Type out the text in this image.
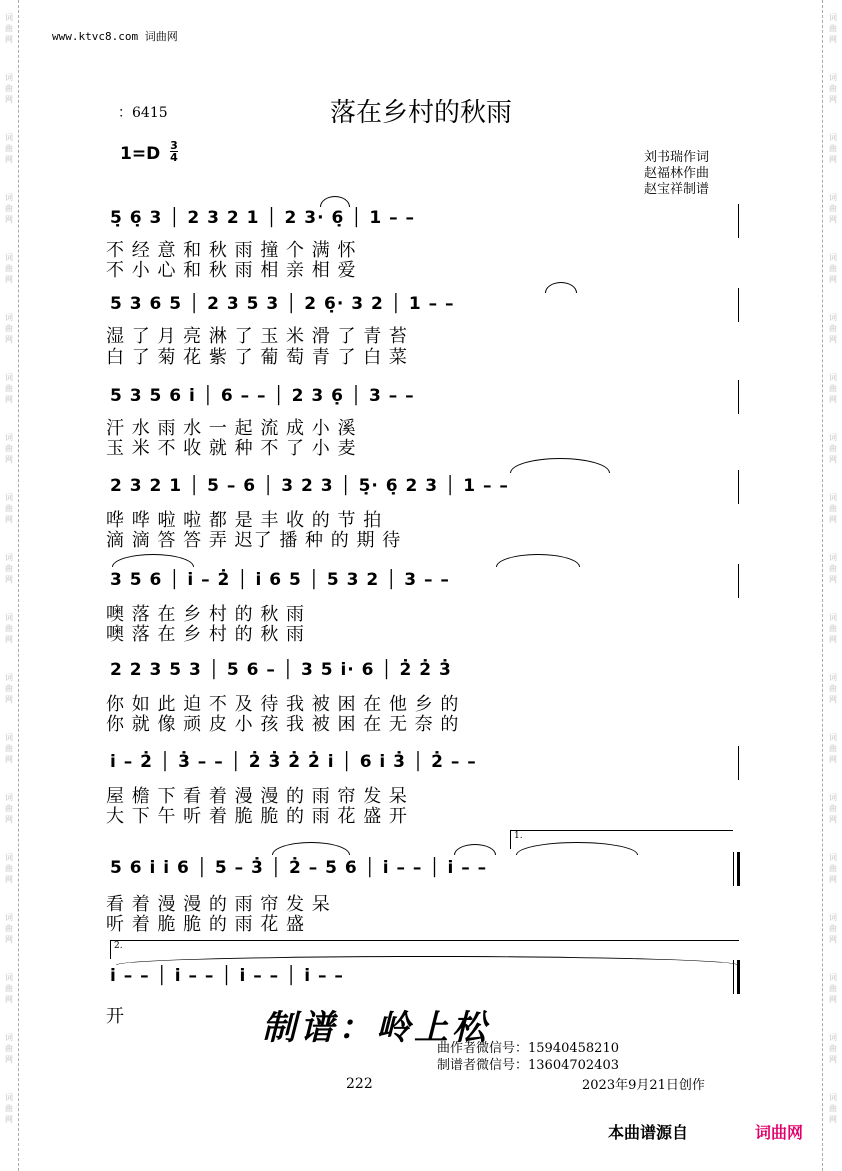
词
曲
网
词
曲
网
词
曲
网
词
曲
网
词
曲
网
词
曲
网
词
曲
网
词
曲
网
词
曲
网
词
曲
网
词
曲
网
词
曲
网
词
曲
网
词
曲
网
词
曲
网
词
曲
网
词
曲
网
词
曲
网
词
曲
网
词
曲
网
词
曲
网
词
曲
网
词
曲
网
词
曲
网
词
曲
网
词
曲
网
词
曲
网
词
曲
网
词
曲
网
词
曲
网
词
曲
网
词
曲
网
词
曲
网
词
曲
网
词
曲
网
词
曲
网
词
曲
网
词
曲
网
www.ktvc8.com 词曲网
：6415	落在乡村的秋雨
1=D 3
4	刘书瑞作词
赵福林作曲
赵宝祥制谱
5̣ 6̣ 3 │ 2 3 2 1 │ 2 3· 6̣ │ 1 – –
不 经 意 和 秋 雨 撞 个 满 怀
不 小 心 和 秋 雨 相 亲 相 爱
5 3 6 5 │ 2 3 5 3 │ 2 6̣· 3 2 │ 1 – –
湿 了 月 亮 淋 了 玉 米 滑 了 青 苔
白 了 菊 花 紫 了 葡 萄 青 了 白 菜
5 3 5 6 i │ 6 – – │ 2 3 6̣ │ 3 – –
汗 水 雨 水 一 起 流 成 小 溪
玉 米 不 收 就 种 不 了 小 麦
2 3 2 1 │ 5 – 6 │ 3 2 3 │ 5̣· 6̣ 2 3 │ 1 – –
哗 哗 啦 啦 都 是 丰 收 的 节 拍
滴 滴 答 答 弄 迟了 播 种 的 期 待
3 5 6 │ i – 2̇ │ i 6 5 │ 5 3 2 │ 3 – –
噢 落 在 乡 村 的 秋 雨
噢 落 在 乡 村 的 秋 雨
2 2 3 5 3 │ 5 6 – │ 3 5 i· 6 │ 2̇ 2̇ 3̇
你 如 此 迫 不 及 待 我 被 困 在 他 乡 的
你 就 像 顽 皮 小 孩 我 被 困 在 无 奈 的
i – 2̇ │ 3̇ – – │ 2̇ 3̇ 2̇ 2̇ i │ 6 i 3̇ │ 2̇ – –
屋 檐 下 看 着 漫 漫 的 雨 帘 发 呆
大 下 午 听 着 脆 脆 的 雨 花 盛 开
1.
5 6 i i 6 │ 5 – 3̇ │ 2̇ – 5 6 │ i – – │ i – –
看 着 漫 漫 的 雨 帘 发 呆
听 着 脆 脆 的 雨 花 盛
2.
i – – │ i – – │ i – – │ i – –
开	制谱：岭上松
曲作者微信号：15940458210
制谱者微信号：13604702403
222	2023年9月21日创作
本曲谱源自	词曲网
